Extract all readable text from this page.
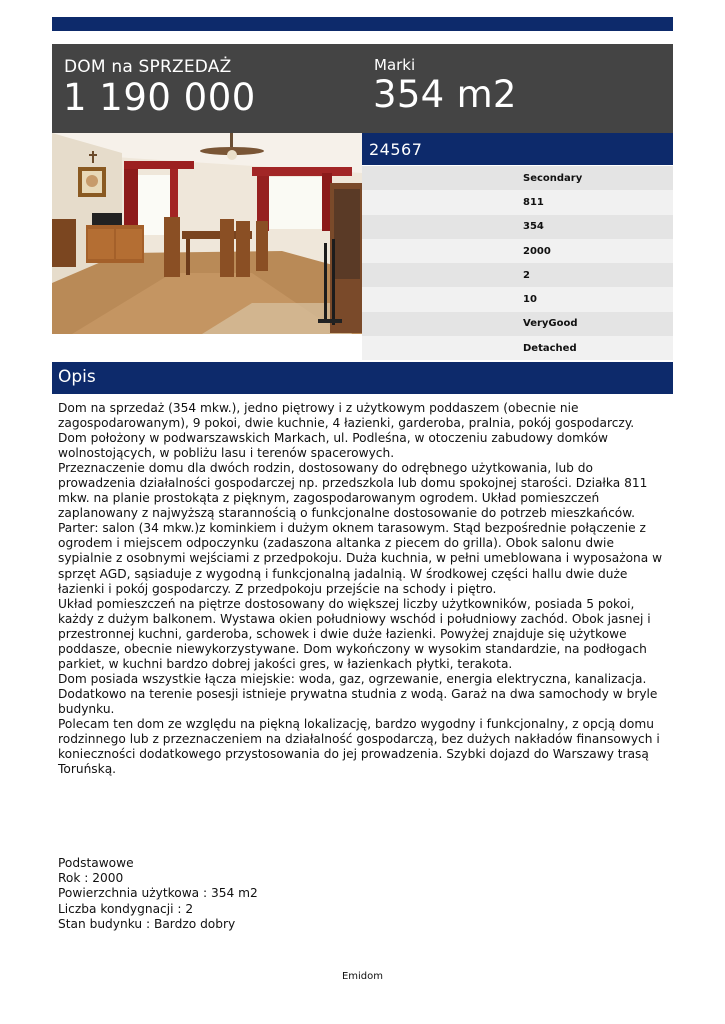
DOM na SPRZEDAŻ
1 190 000
Marki
354 m2
24567
Secondary
811
354
2000
2
10
VeryGood
Detached
Opis

Dom na sprzedaż (354 mkw.), jedno piętrowy i z użytkowym poddaszem (obecnie nie zagospodarowanym), 9 pokoi, dwie kuchnie, 4 łazienki, garderoba, pralnia, pokój gospodarczy.

Dom położony w podwarszawskich Markach, ul. Podleśna, w otoczeniu zabudowy domków wolnostojących, w pobliżu lasu i terenów spacerowych.

Przeznaczenie domu dla dwóch rodzin, dostosowany do odrębnego użytkowania, lub do prowadzenia działalności gospodarczej np. przedszkola lub domu spokojnej starości. Działka 811 mkw. na planie prostokąta z pięknym, zagospodarowanym ogrodem. Układ pomieszczeń zaplanowany z najwyższą starannością o funkcjonalne dostosowanie do potrzeb mieszkańców.

Parter: salon (34 mkw.)z kominkiem i dużym oknem tarasowym. Stąd bezpośrednie połączenie z ogrodem i miejscem odpoczynku (zadaszona altanka z piecem do grilla). Obok salonu dwie sypialnie z osobnymi wejściami z przedpokoju. Duża kuchnia, w pełni umeblowana i wyposażona w sprzęt AGD, sąsiaduje z wygodną i funkcjonalną jadalnią. W środkowej części hallu dwie duże łazienki i pokój gospodarczy. Z przedpokoju przejście na schody i piętro.

Układ pomieszczeń na piętrze dostosowany do większej liczby użytkowników, posiada 5 pokoi, każdy z dużym balkonem. Wystawa okien południowy wschód i południowy zachód. Obok jasnej i przestronnej kuchni, garderoba, schowek i dwie duże łazienki. Powyżej znajduje się użytkowe poddasze, obecnie niewykorzystywane. Dom wykończony w wysokim standardzie, na podłogach parkiet, w kuchni bardzo dobrej jakości gres, w łazienkach płytki, terakota.

Dom posiada wszystkie łącza miejskie: woda, gaz, ogrzewanie, energia elektryczna, kanalizacja. Dodatkowo na terenie posesji istnieje prywatna studnia z wodą. Garaż na dwa samochody w bryle budynku.

Polecam ten dom ze względu na piękną lokalizację, bardzo wygodny i funkcjonalny, z opcją domu rodzinnego lub z przeznaczeniem na działalność gospodarczą, bez dużych nakładów finansowych i konieczności dodatkowego przystosowania do jej prowadzenia. Szybki dojazd do Warszawy trasą Toruńską.

Podstawowe
Rok : 2000
Powierzchnia użytkowa : 354 m2
Liczba kondygnacji : 2
Stan budynku : Bardzo dobry
Emidom
